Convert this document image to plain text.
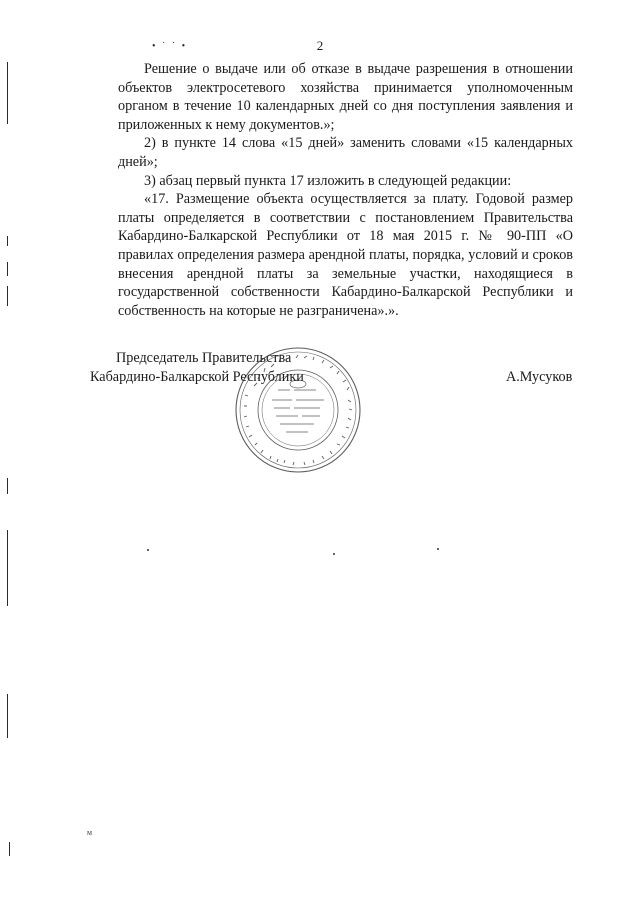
• ˙ ˙ •	2
м

Решение о выдаче или об отказе в выдаче разрешения в отношении объектов электросетевого хозяйства принимается уполномоченным органом в течение 10 календарных дней со дня поступления заявления и приложенных к нему документов.»;

2) в пункте 14 слова «15 дней» заменить словами «15 календарных дней»;

3) абзац первый пункта 17 изложить в следующей редакции:

«17. Размещение объекта осуществляется за плату. Годовой размер платы определяется в соответствии с постановлением Правительства Кабардино-Балкарской Республики от 18 мая 2015 г. № 90-ПП «О правилах определения размера арендной платы, порядка, условий и сроков внесения арендной платы за земельные участки, находящиеся в государственной собственности Кабардино-Балкарской Республики и собственность на которые не разграничена».».

Председатель Правительства
Кабардино-Балкарской Республики	А.Мусуков
